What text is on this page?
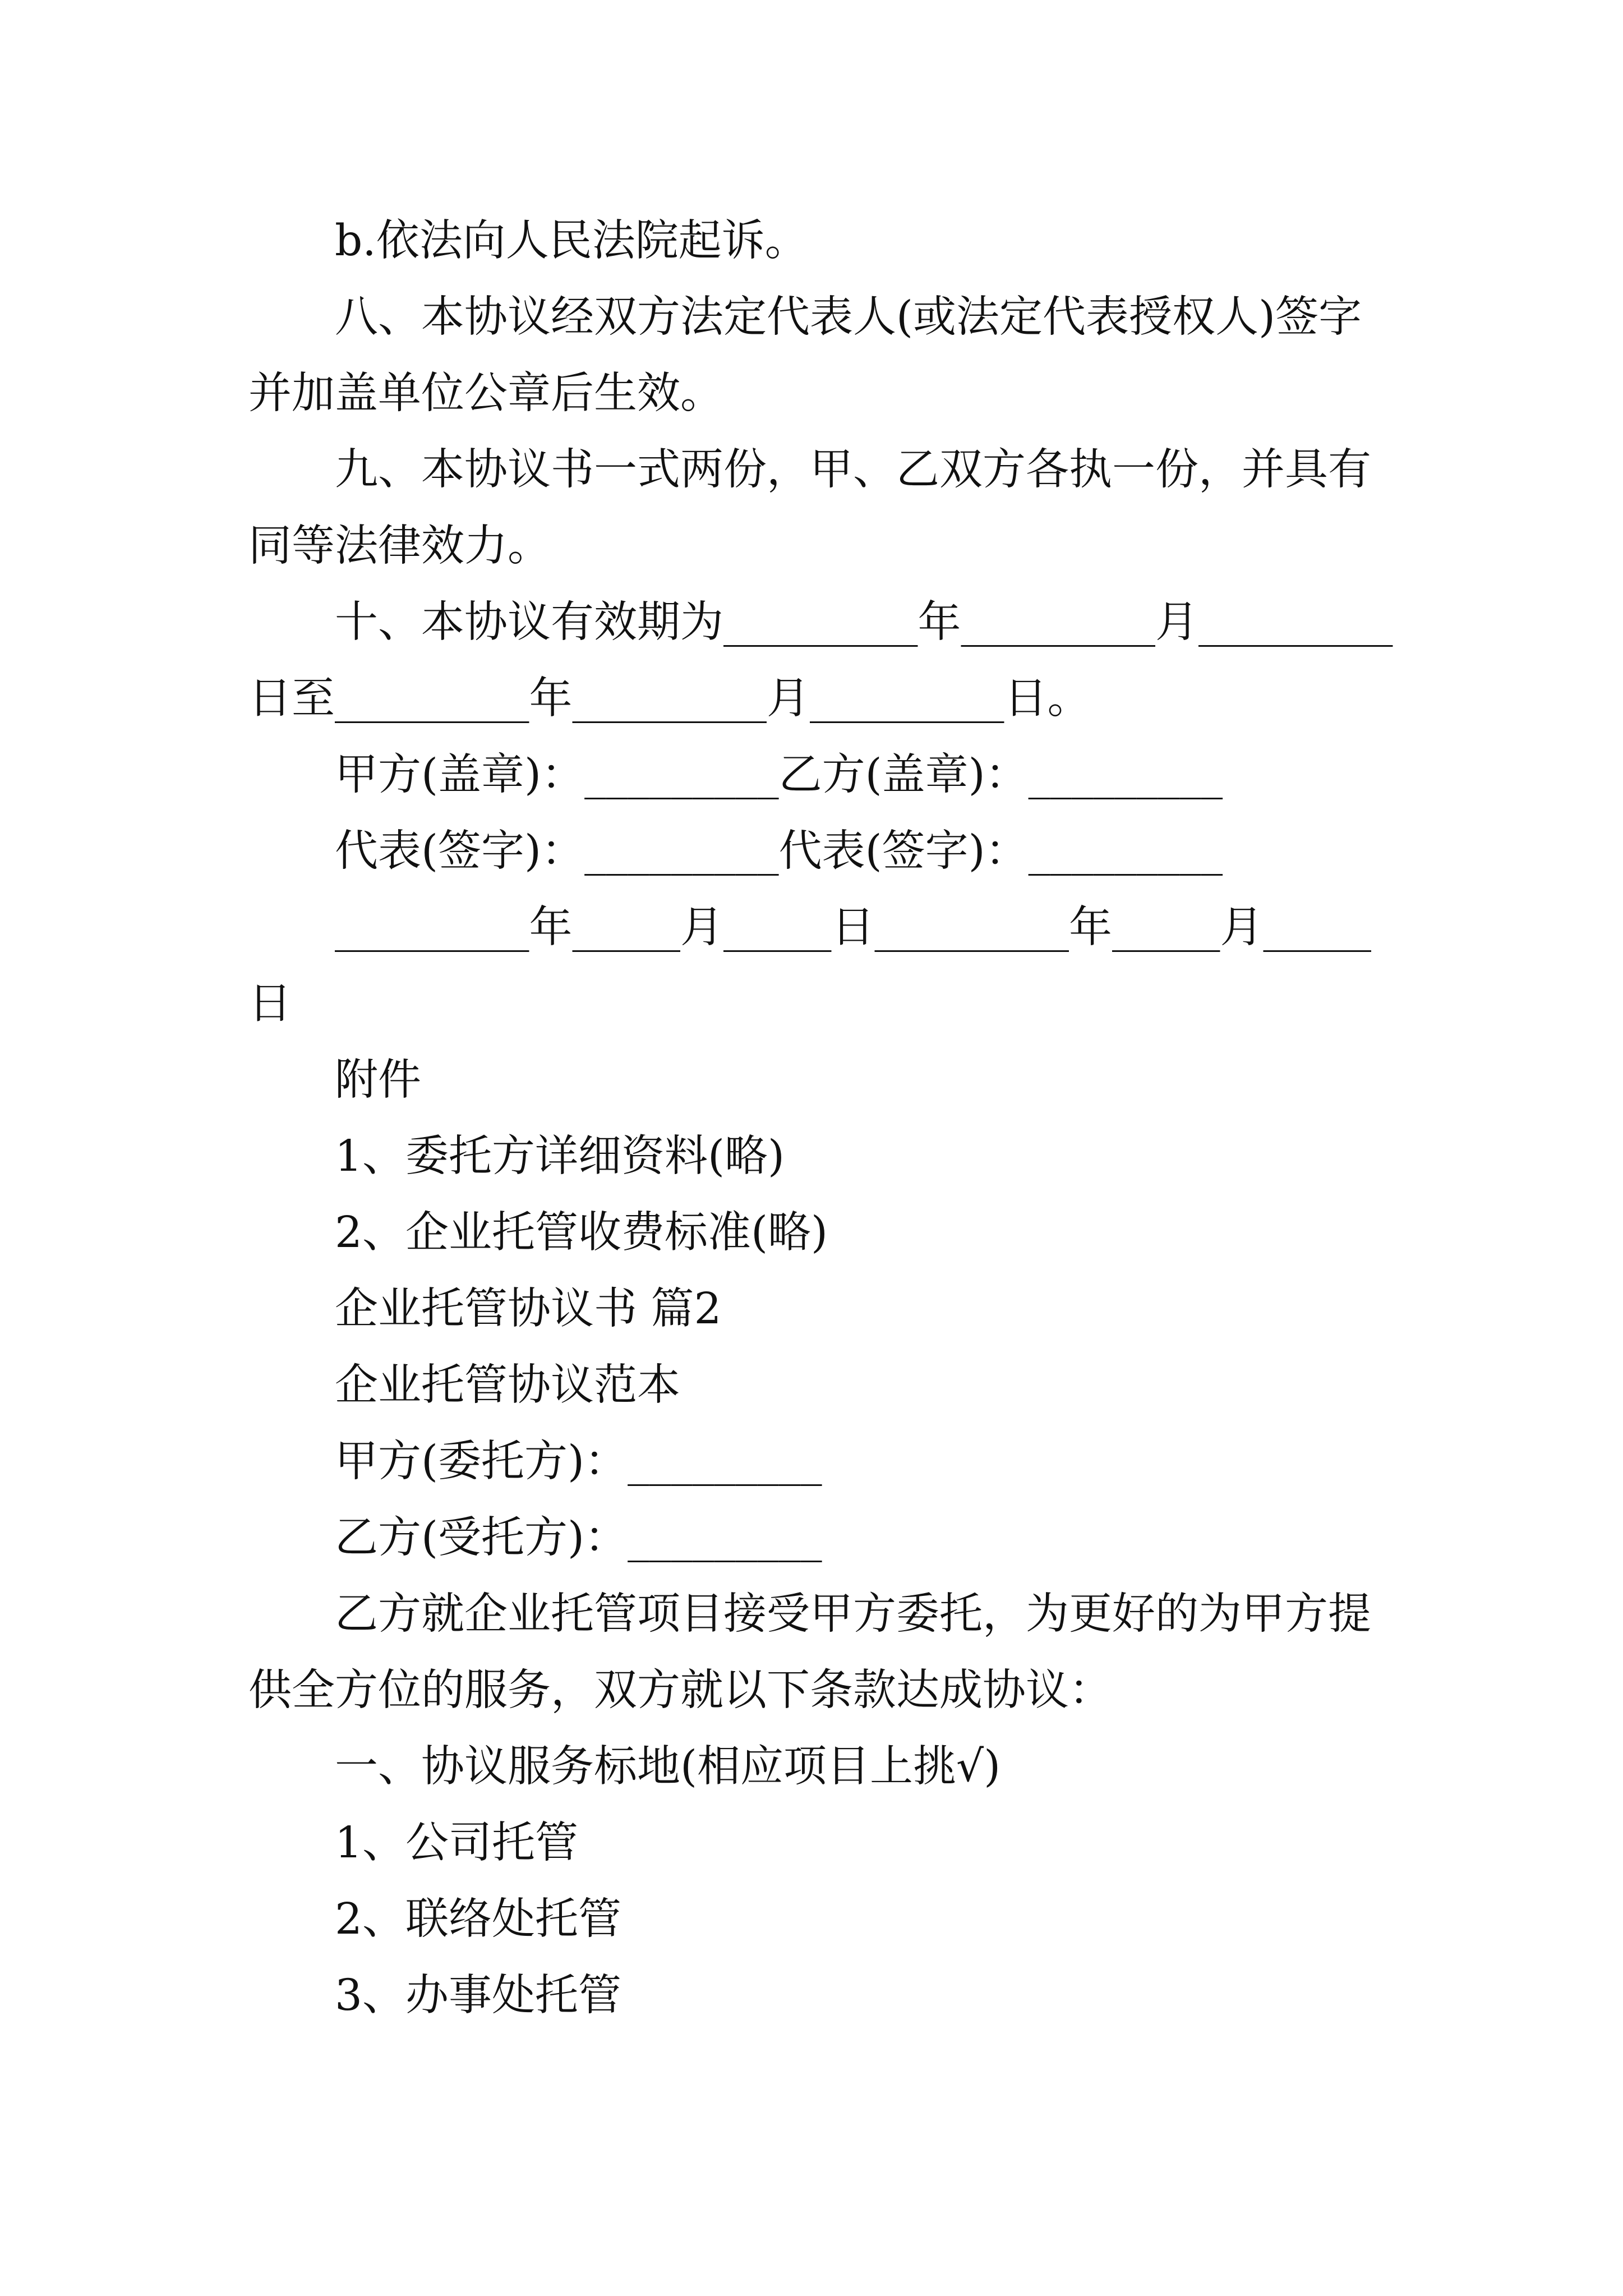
b.依法向人民法院起诉。
八、本协议经双方法定代表人(或法定代表授权人)签字
并加盖单位公章后生效。
九、本协议书一式两份，甲、乙双方各执一份，并具有
同等法律效力。
十、本协议有效期为_________年_________月_________
日至_________年_________月_________日。
甲方(盖章)：_________乙方(盖章)：_________
代表(签字)：_________代表(签字)：_________
_________年_____月_____日_________年_____月_____
日
附件
1、委托方详细资料(略)
2、企业托管收费标准(略)
企业托管协议书 篇2
企业托管协议范本
甲方(委托方)：_________
乙方(受托方)：_________
乙方就企业托管项目接受甲方委托，为更好的为甲方提
供全方位的服务，双方就以下条款达成协议：
一、协议服务标地(相应项目上挑√)
1、公司托管
2、联络处托管
3、办事处托管
